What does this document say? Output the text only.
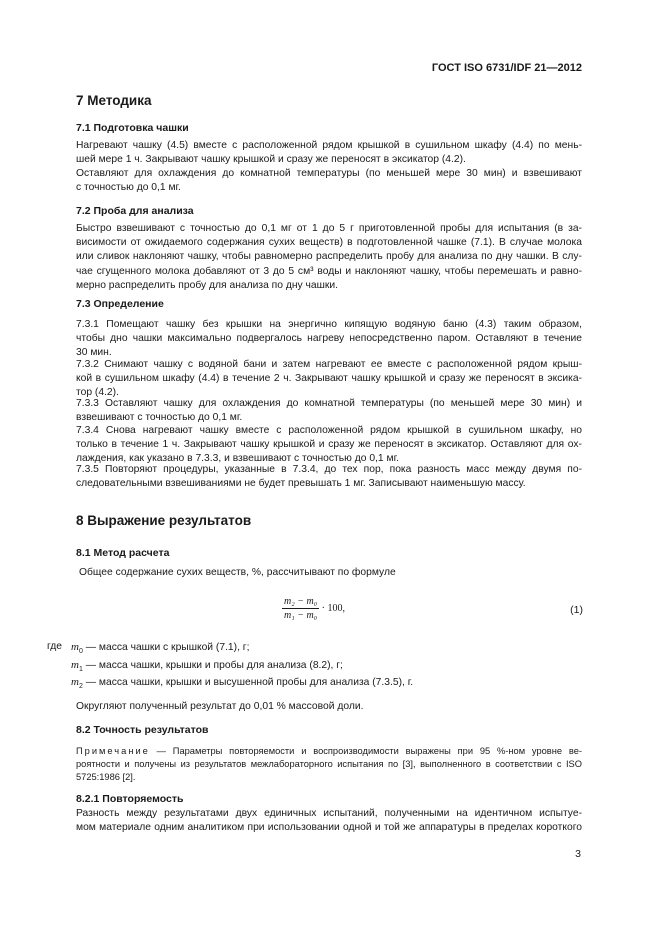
ГОСТ ISO 6731/IDF 21—2012
7 Методика
7.1 Подготовка чашки
Нагревают чашку (4.5) вместе с расположенной рядом крышкой в сушильном шкафу (4.4) по мень-
шей мере 1 ч. Закрывают чашку крышкой и сразу же переносят в эксикатор (4.2).
Оставляют для охлаждения до комнатной температуры (по меньшей мере 30 мин) и взвешивают
с точностью до 0,1 мг.
7.2 Проба для анализа
Быстро взвешивают с точностью до 0,1 мг от 1 до 5 г приготовленной пробы для испытания (в за-
висимости от ожидаемого содержания сухих веществ) в подготовленной чашке (7.1). В случае молока
или сливок наклоняют чашку, чтобы равномерно распределить пробу для анализа по дну чашки. В слу-
чае сгущенного молока добавляют от 3 до 5 см³ воды и наклоняют чашку, чтобы перемешать и равно-
мерно распределить пробу для анализа по дну чашки.
7.3 Определение
7.3.1 Помещают чашку без крышки на энергично кипящую водяную баню (4.3) таким образом,
чтобы дно чашки максимально подвергалось нагреву непосредственно паром. Оставляют в течение
30 мин.
7.3.2 Снимают чашку с водяной бани и затем нагревают ее вместе с расположенной рядом крыш-
кой в сушильном шкафу (4.4) в течение 2 ч. Закрывают чашку крышкой и сразу же переносят в эксика-
тор (4.2).
7.3.3 Оставляют чашку для охлаждения до комнатной температуры (по меньшей мере 30 мин) и
взвешивают с точностью до 0,1 мг.
7.3.4 Снова нагревают чашку вместе с расположенной рядом крышкой в сушильном шкафу, но
только в течение 1 ч. Закрывают чашку крышкой и сразу же переносят в эксикатор. Оставляют для ох-
лаждения, как указано в 7.3.3, и взвешивают с точностью до 0,1 мг.
7.3.5 Повторяют процедуры, указанные в 7.3.4, до тех пор, пока разность масс между двумя по-
следовательными взвешиваниями не будет превышать 1 мг. Записывают наименьшую массу.
8 Выражение результатов
8.1 Метод расчета
Общее содержание сухих веществ, %, рассчитывают по формуле
$\frac{\text{m₂ − m₀}}{\text{m₁ − m₀}} \cdot 100$,	(1)
где $m_0$ — масса чашки с крышкой (7.1), г;
$m_1$ — масса чашки, крышки и пробы для анализа (8.2), г;
$m_2$ — масса чашки, крышки и высушенной пробы для анализа (7.3.5), г.
Округляют полученный результат до 0,01 % массовой доли.
8.2 Точность результатов
Примечание — Параметры повторяемости и воспроизводимости выражены при 95 %-ном уровне ве-
роятности и получены из результатов межлабораторного испытания по [3], выполненного в соответствии с ISO
5725:1986 [2].
8.2.1 Повторяемость
Разность между результатами двух единичных испытаний, полученными на идентичном испытуе-
мом материале одним аналитиком при использовании одной и той же аппаратуры в пределах короткого
3
